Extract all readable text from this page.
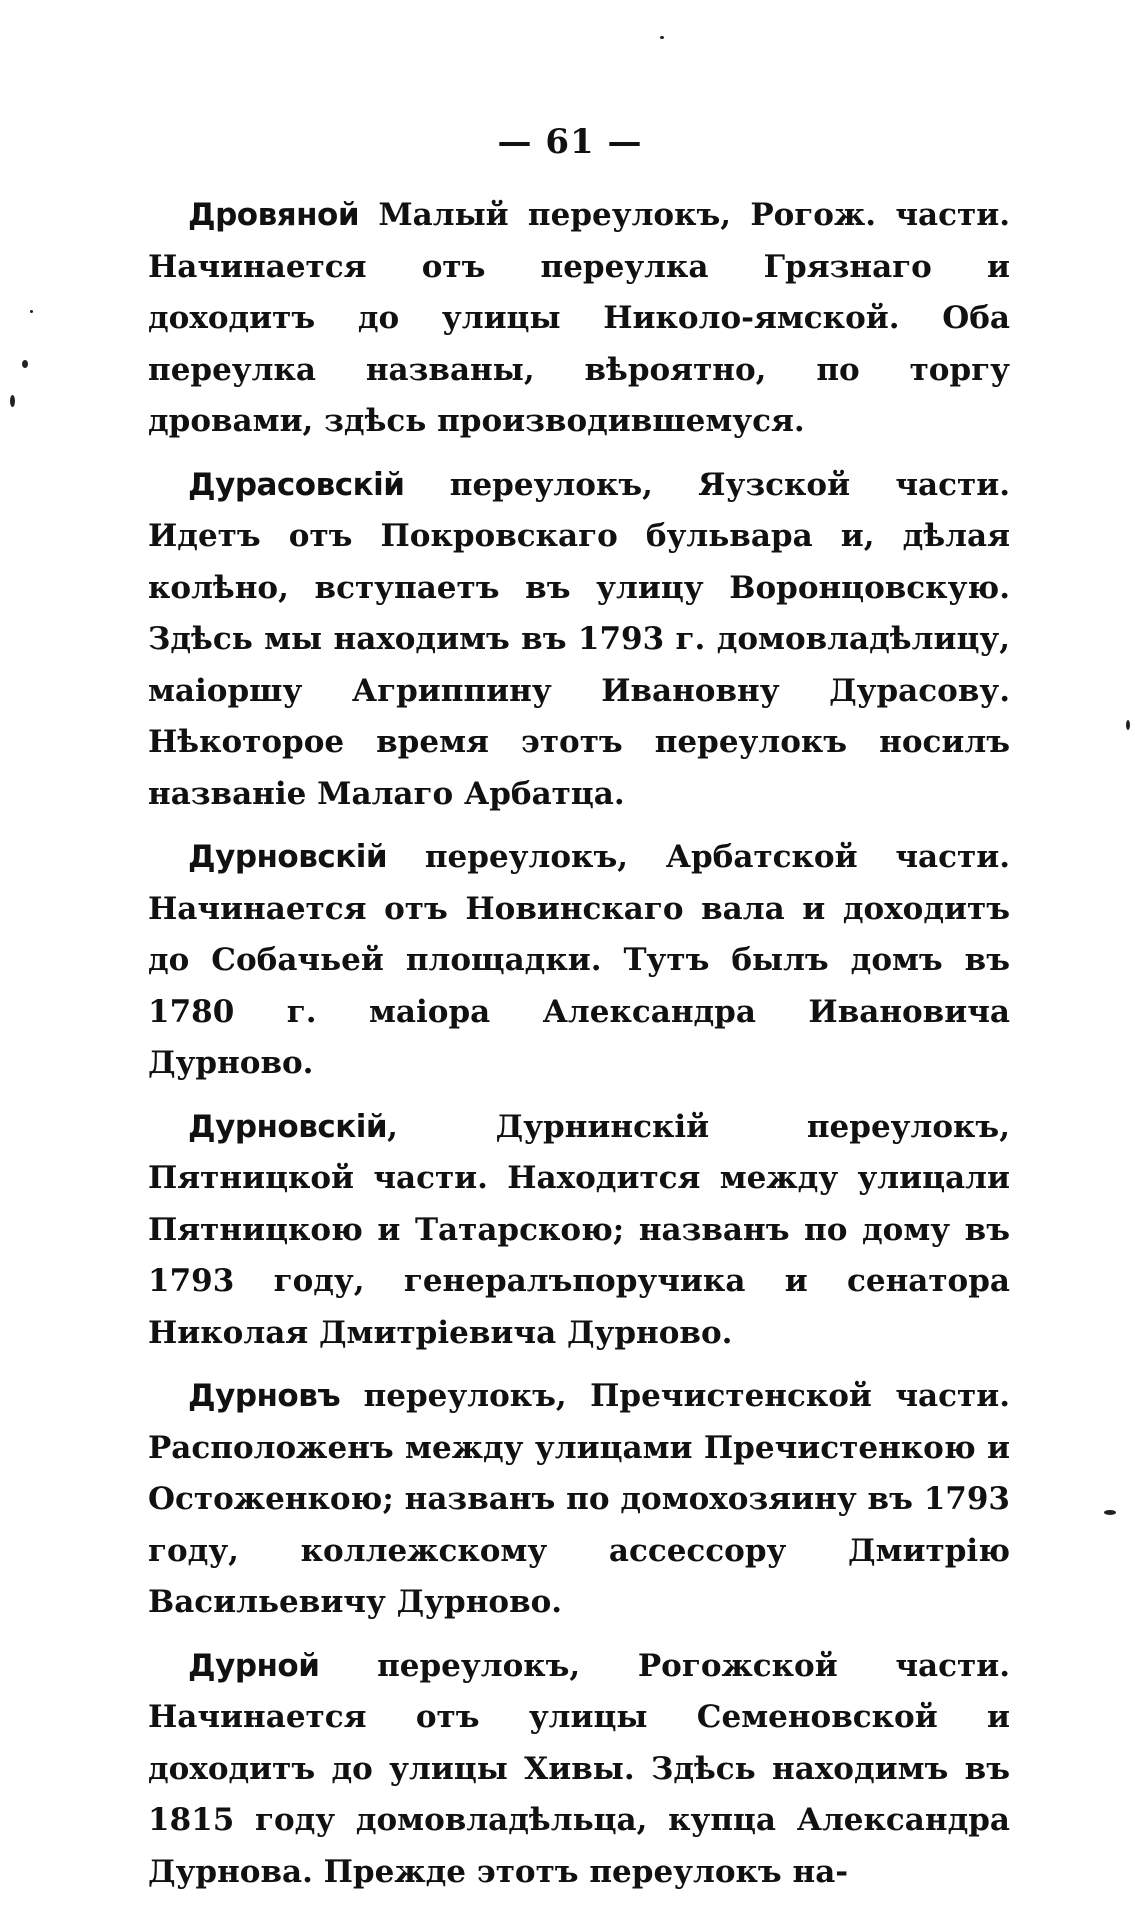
— 61 —

Дровяной Малый переулокъ, Рогож. части. Начинается отъ переулка Грязнаго и доходитъ до улицы Николо-ямской. Оба переулка названы, вѣроятно, по торгу дровами, здѣсь производившемуся.

Дурасовскій переулокъ, Яузской части. Идетъ отъ Покровскаго бульвара и, дѣлая колѣно, вступаетъ въ улицу Воронцовскую. Здѣсь мы находимъ въ 1793 г. домовладѣлицу, маіоршу Агриппину Ивановну Дурасову. Нѣкоторое время этотъ переулокъ носилъ названіе Малаго Арбатца.

Дурновскій переулокъ, Арбатской части. Начинается отъ Новинскаго вала и доходитъ до Собачьей площадки. Тутъ былъ домъ въ 1780 г. маіора Александра Ивановича Дурново.

Дурновскій, Дурнинскій переулокъ, Пятницкой части. Находится между улицали Пятницкою и Татарскою; названъ по дому въ 1793 году, генералъпоручика и сенатора Николая Дмитріевича Дурново.

Дурновъ переулокъ, Пречистенской части. Расположенъ между улицами Пречистенкою и Остоженкою; названъ по домохозяину въ 1793 году, коллежскому ассессору Дмитрію Васильевичу Дурново.

Дурной переулокъ, Рогожской части. Начинается отъ улицы Семеновской и доходитъ до улицы Хивы. Здѣсь находимъ въ 1815 году домовладѣльца, купца Александра Дурнова. Прежде этотъ переулокъ на-
